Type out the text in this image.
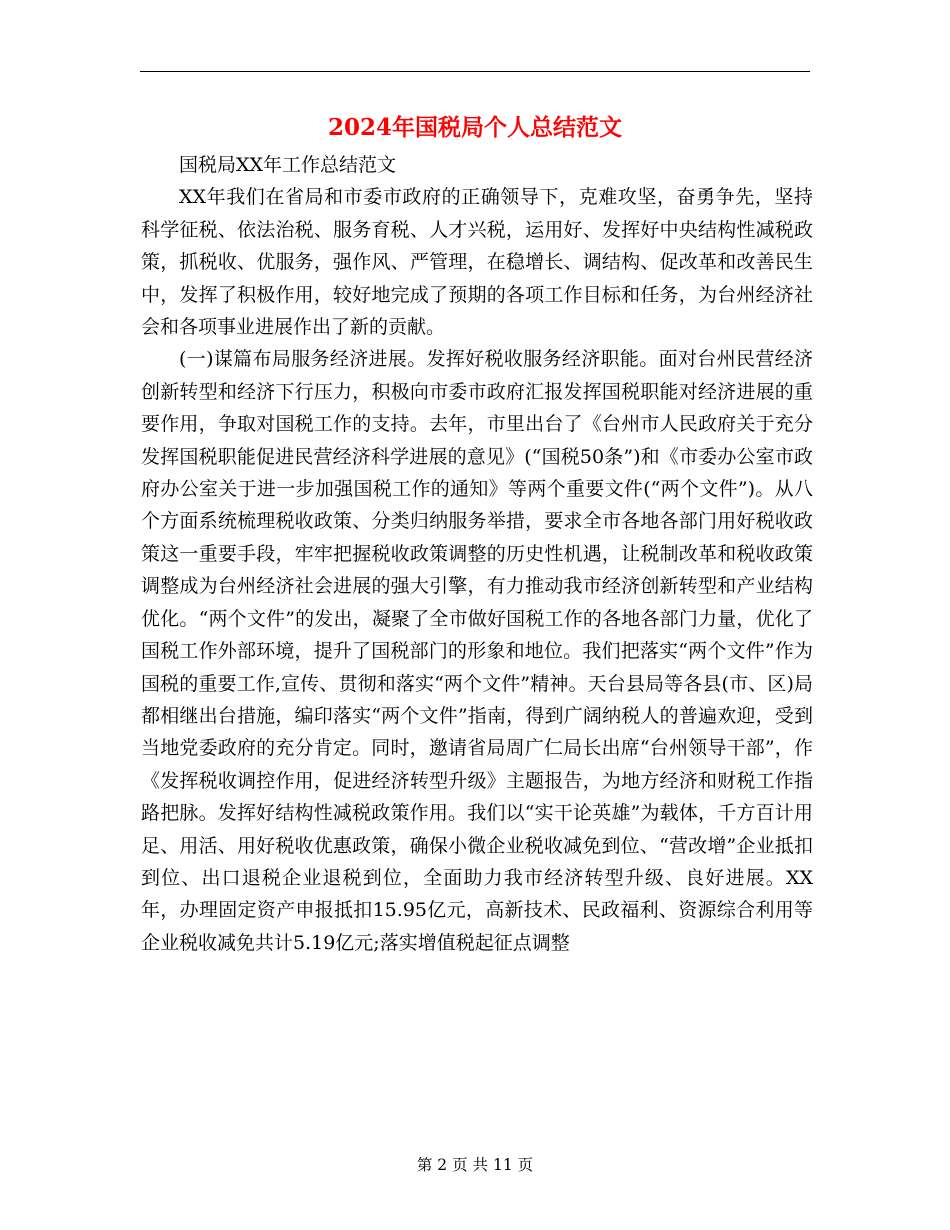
2024年国税局个人总结范文

国税局XX年工作总结范文

XX年我们在省局和市委市政府的正确领导下，克难攻坚，奋勇争先，坚持科学征税、依法治税、服务育税、人才兴税，运用好、发挥好中央结构性减税政策，抓税收、优服务，强作风、严管理，在稳增长、调结构、促改革和改善民生中，发挥了积极作用，较好地完成了预期的各项工作目标和任务，为台州经济社会和各项事业进展作出了新的贡献。

(一)谋篇布局服务经济进展。发挥好税收服务经济职能。面对台州民营经济创新转型和经济下行压力，积极向市委市政府汇报发挥国税职能对经济进展的重要作用，争取对国税工作的支持。去年，市里出台了《台州市人民政府关于充分发挥国税职能促进民营经济科学进展的意见》(“国税50条”)和《市委办公室市政府办公室关于进一步加强国税工作的通知》等两个重要文件(“两个文件”)。从八个方面系统梳理税收政策、分类归纳服务举措，要求全市各地各部门用好税收政策这一重要手段，牢牢把握税收政策调整的历史性机遇，让税制改革和税收政策调整成为台州经济社会进展的强大引擎，有力推动我市经济创新转型和产业结构优化。“两个文件”的发出，凝聚了全市做好国税工作的各地各部门力量，优化了国税工作外部环境，提升了国税部门的形象和地位。我们把落实“两个文件”作为国税的重要工作,宣传、贯彻和落实“两个文件”精神。天台县局等各县(市、区)局都相继出台措施，编印落实“两个文件”指南，得到广阔纳税人的普遍欢迎，受到当地党委政府的充分肯定。同时，邀请省局周广仁局长出席“台州领导干部”，作《发挥税收调控作用，促进经济转型升级》主题报告，为地方经济和财税工作指路把脉。发挥好结构性减税政策作用。我们以“实干论英雄”为载体，千方百计用足、用活、用好税收优惠政策，确保小微企业税收减免到位、“营改增”企业抵扣到位、出口退税企业退税到位，全面助力我市经济转型升级、良好进展。XX年，办理固定资产申报抵扣15.95亿元，高新技术、民政福利、资源综合利用等企业税收减免共计5.19亿元;落实增值税起征点调整

第 2 页 共 11 页
